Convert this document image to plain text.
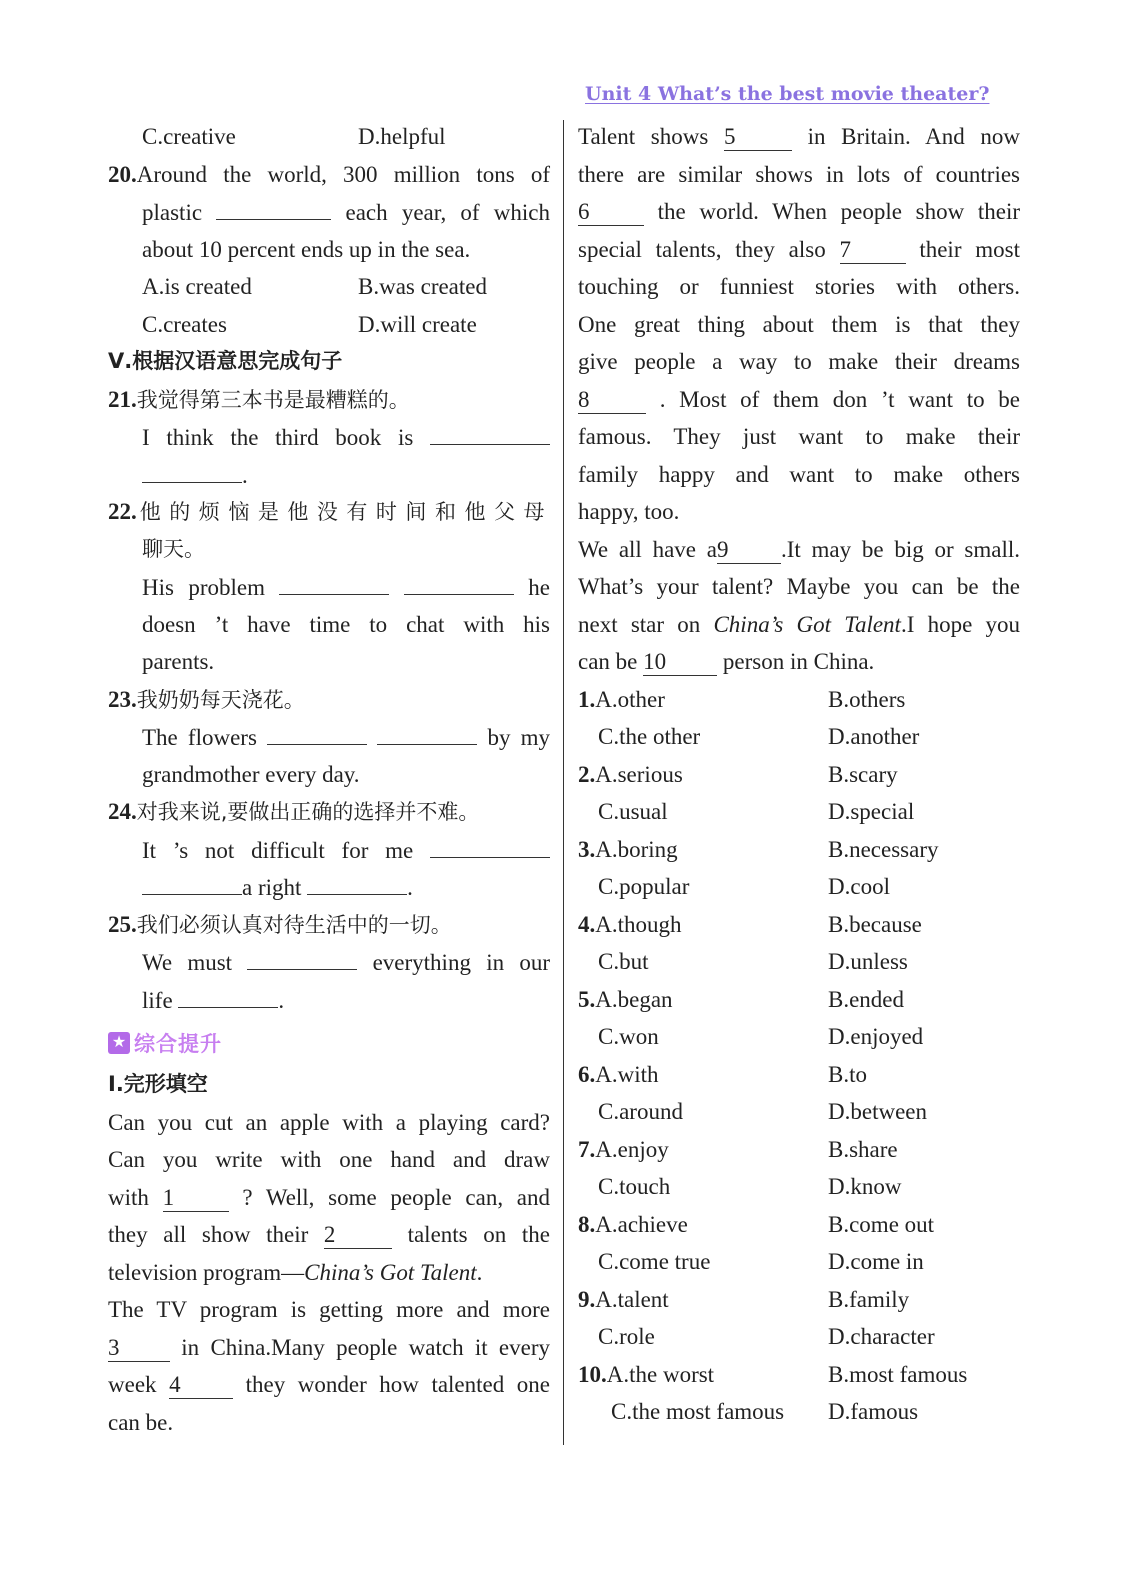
Unit 4 What’s the best movie theater?
C.creative	D.helpful
20.Around the world, 300 million tons of
plastic	each year, of which
about 10 percent ends up in the sea.
A.is created	B.was created
C.creates	D.will create
Ⅴ.根据汉语意思完成句子
21.我觉得第三本书是最糟糕的。
I think the third book is
.
22.他的烦恼是他没有时间和他父母
聊天。
His problem	he
doesn ’t have time to chat with his
parents.
23.我奶奶每天浇花。
The flowers	by my
grandmother every day.
24.对我来说,要做出正确的选择并不难。
It ’s not difficult for me
a right	.
25.我们必须认真对待生活中的一切。
We must	everything in our
life	.
★ 综合提升
Ⅰ.完形填空
Can you cut an apple with a playing card?
Can you write with one hand and draw
with 1	? Well, some people can, and
they all show their 2	talents on the
television program—China’s Got Talent.
The TV program is getting more and more
3	in China.Many people watch it every
week 4	they wonder how talented one
can be.
Talent shows 5	in Britain. And now
there are similar shows in lots of countries
6	the world. When people show their
special talents, they also 7	their most
touching or funniest stories with others.
One great thing about them is that they
give people a way to make their dreams
8	. Most of them don ’t want to be
famous. They just want to make their
family happy and want to make others
happy, too.
We all have a9 .It may be big or small.
What’s your talent? Maybe you can be the
next star on China’s Got Talent.I hope you
can be 10 person in China.
1.A.other	B.others
C.the other	D.another
2.A.serious	B.scary
C.usual	D.special
3.A.boring	B.necessary
C.popular	D.cool
4.A.though	B.because
C.but	D.unless
5.A.began	B.ended
C.won	D.enjoyed
6.A.with	B.to
C.around	D.between
7.A.enjoy	B.share
C.touch	D.know
8.A.achieve	B.come out
C.come true	D.come in
9.A.talent	B.family
C.role	D.character
10.A.the worst	B.most famous
C.the most famous	D.famous
